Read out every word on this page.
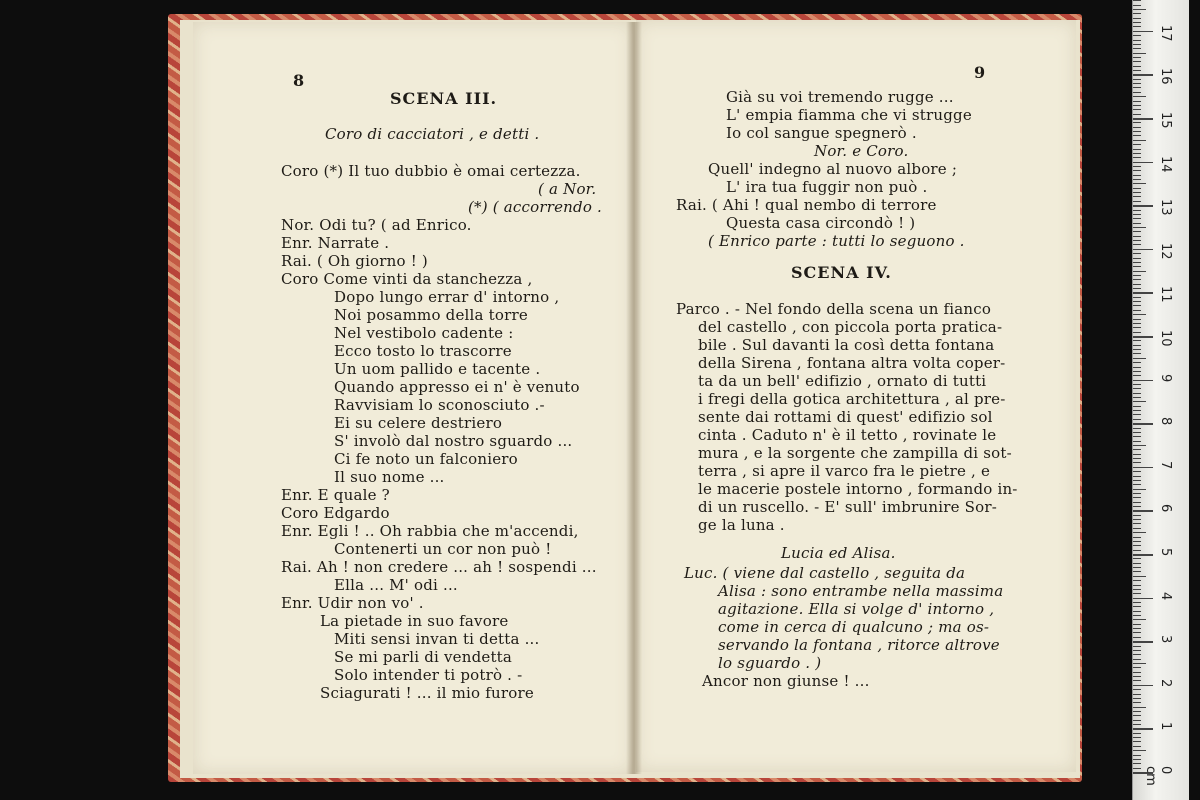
8
SCENA III.
Coro di cacciatori , e detti .
Coro (*) Il tuo dubbio è omai certezza.
( a Nor.
(*) ( accorrendo .
Nor. Odi tu? ( ad Enrico.
Enr. Narrate .
Rai. ( Oh giorno ! )
Coro Come vinti da stanchezza ,
Dopo lungo errar d' intorno ,
Noi posammo della torre
Nel vestibolo cadente :
Ecco tosto lo trascorre
Un uom pallido e tacente .
Quando appresso ei n' è venuto
Ravvisiam lo sconosciuto .-
Ei su celere destriero
S' involò dal nostro sguardo ...
Ci fe noto un falconiero
Il suo nome ...
Enr. E quale ?
Coro Edgardo
Enr. Egli ! .. Oh rabbia che m'accendi,
Contenerti un cor non può !
Rai. Ah ! non credere ... ah ! sospendi ...
Ella ... M' odi ...
Enr. Udir non vo' .
La pietade in suo favore
Miti sensi invan ti detta ...
Se mi parli di vendetta
Solo intender ti potrò . -
Sciagurati ! ... il mio furore
9
Già su voi tremendo rugge ...
L' empia fiamma che vi strugge
Io col sangue spegnerò .
Nor. e Coro.
Quell' indegno al nuovo albore ;
L' ira tua fuggir non può .
Rai. ( Ahi ! qual nembo di terrore
Questa casa circondò ! )
( Enrico parte : tutti lo seguono .
SCENA IV.
Parco . - Nel fondo della scena un fianco
del castello , con piccola porta pratica-
bile . Sul davanti la così detta fontana
della Sirena , fontana altra volta coper-
ta da un bell' edifizio , ornato di tutti
i fregi della gotica architettura , al pre-
sente dai rottami di quest' edifizio sol
cinta . Caduto n' è il tetto , rovinate le
mura , e la sorgente che zampilla di sot-
terra , si apre il varco fra le pietre , e
le macerie postele intorno , formando in-
di un ruscello. - E' sull' imbrunire Sor-
ge la luna .
Lucia ed Alisa.
Luc. ( viene dal castello , seguita da
Alisa : sono entrambe nella massima
agitazione. Ella si volge d' intorno ,
come in cerca di qualcuno ; ma os-
servando la fontana , ritorce altrove
lo sguardo . )
Ancor non giunse ! ...
0 cm
1
2
3
4
5
6
7
8
9
10
11
12
13
14
15
16
17
